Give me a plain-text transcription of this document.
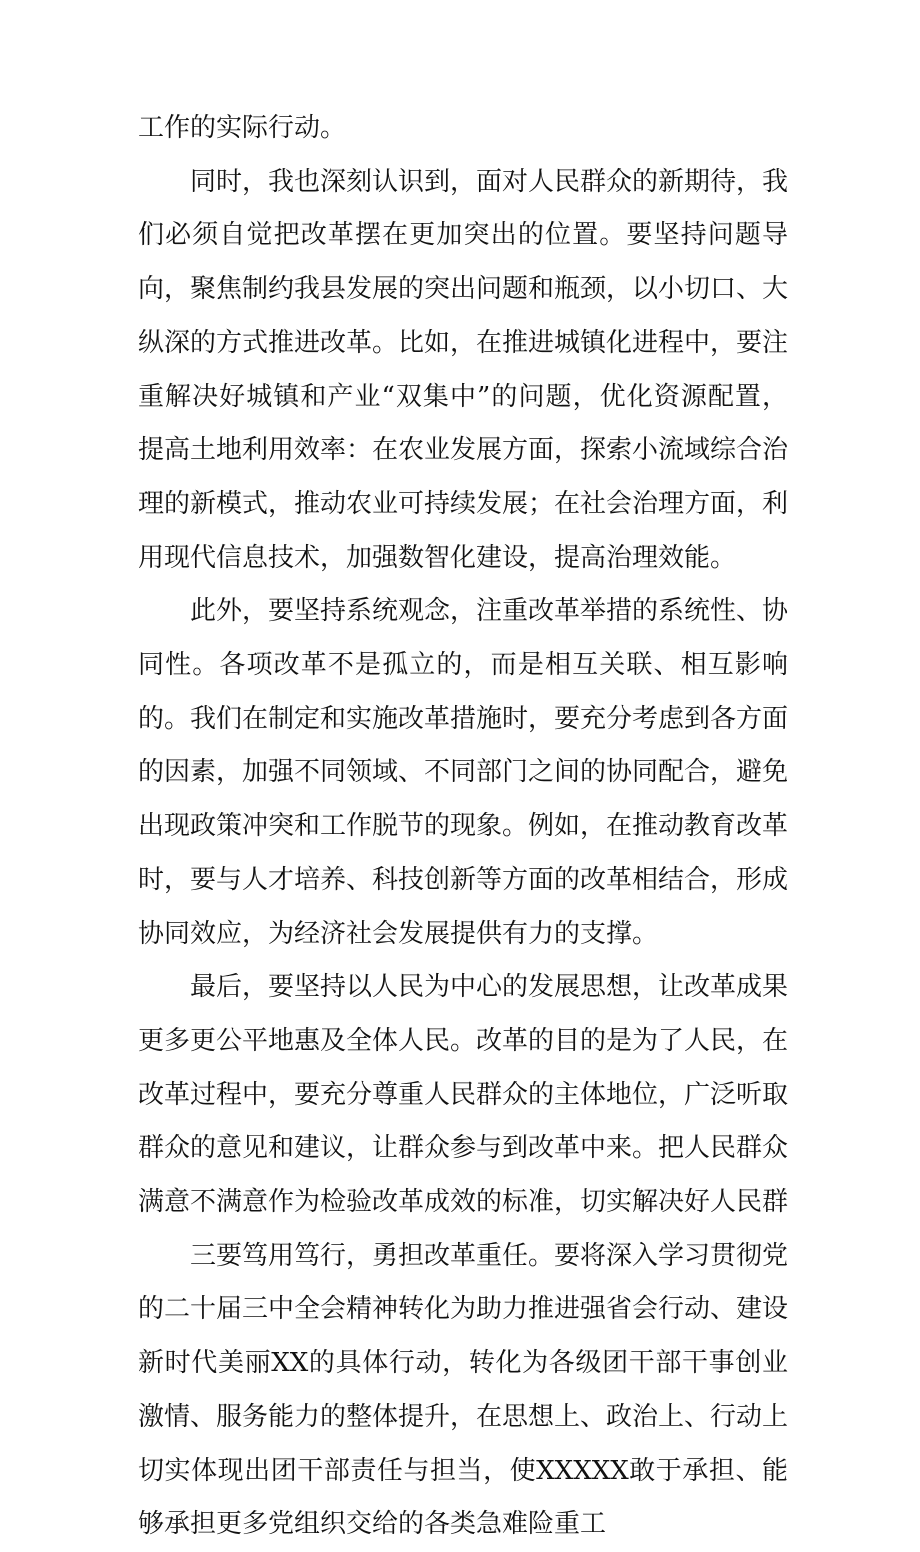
工作的实际行动。

同时，我也深刻认识到，面对人民群众的新期待，我们必须自觉把改革摆在更加突出的位置。要坚持问题导向，聚焦制约我县发展的突出问题和瓶颈，以小切口、大纵深的方式推进改革。比如，在推进城镇化进程中，要注重解决好城镇和产业“双集中”的问题，优化资源配置，提高土地利用效率：在农业发展方面，探索小流域综合治理的新模式，推动农业可持续发展；在社会治理方面，利用现代信息技术，加强数智化建设，提高治理效能。

此外，要坚持系统观念，注重改革举措的系统性、协同性。各项改革不是孤立的，而是相互关联、相互影响的。我们在制定和实施改革措施时，要充分考虑到各方面的因素，加强不同领域、不同部门之间的协同配合，避免出现政策冲突和工作脱节的现象。例如，在推动教育改革时，要与人才培养、科技创新等方面的改革相结合，形成协同效应，为经济社会发展提供有力的支撑。

最后，要坚持以人民为中心的发展思想，让改革成果更多更公平地惠及全体人民。改革的目的是为了人民，在改革过程中，要充分尊重人民群众的主体地位，广泛听取群众的意见和建议，让群众参与到改革中来。把人民群众满意不满意作为检验改革成效的标准，切实解决好人民群

三要笃用笃行，勇担改革重任。要将深入学习贯彻党的二十届三中全会精神转化为助力推进强省会行动、建设新时代美丽XX的具体行动，转化为各级团干部干事创业激情、服务能力的整体提升，在思想上、政治上、行动上切实体现出团干部责任与担当，使XXXXX敢于承担、能够承担更多党组织交给的各类急难险重工
